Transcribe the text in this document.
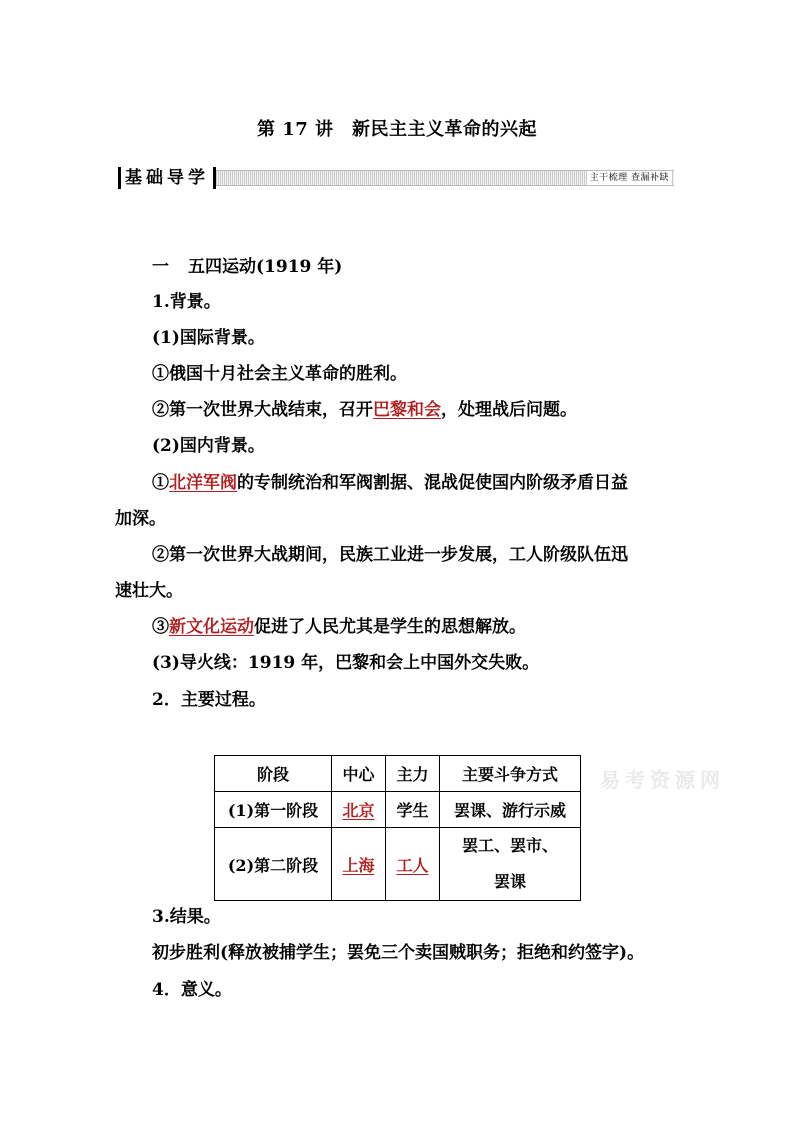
第 17 讲　新民主主义革命的兴起
基础导学	主干梳理 查漏补缺
一 五四运动(1919 年)
1.背景。
(1)国际背景。
①俄国十月社会主义革命的胜利。
②第一次世界大战结束，召开巴黎和会，处理战后问题。
(2)国内背景。
①北洋军阀的专制统治和军阀割据、混战促使国内阶级矛盾日益
加深。
②第一次世界大战期间，民族工业进一步发展，工人阶级队伍迅
速壮大。
③新文化运动促进了人民尤其是学生的思想解放。
(3)导火线：1919 年，巴黎和会上中国外交失败。
2．主要过程。
易考资源网
阶段	中心	主力	主要斗争方式
(1)第一阶段	北京	学生	罢课、游行示威
(2)第二阶段	上海	工人	罢工、罢市、罢课
3.结果。
初步胜利(释放被捕学生；罢免三个卖国贼职务；拒绝和约签字)。
4．意义。
